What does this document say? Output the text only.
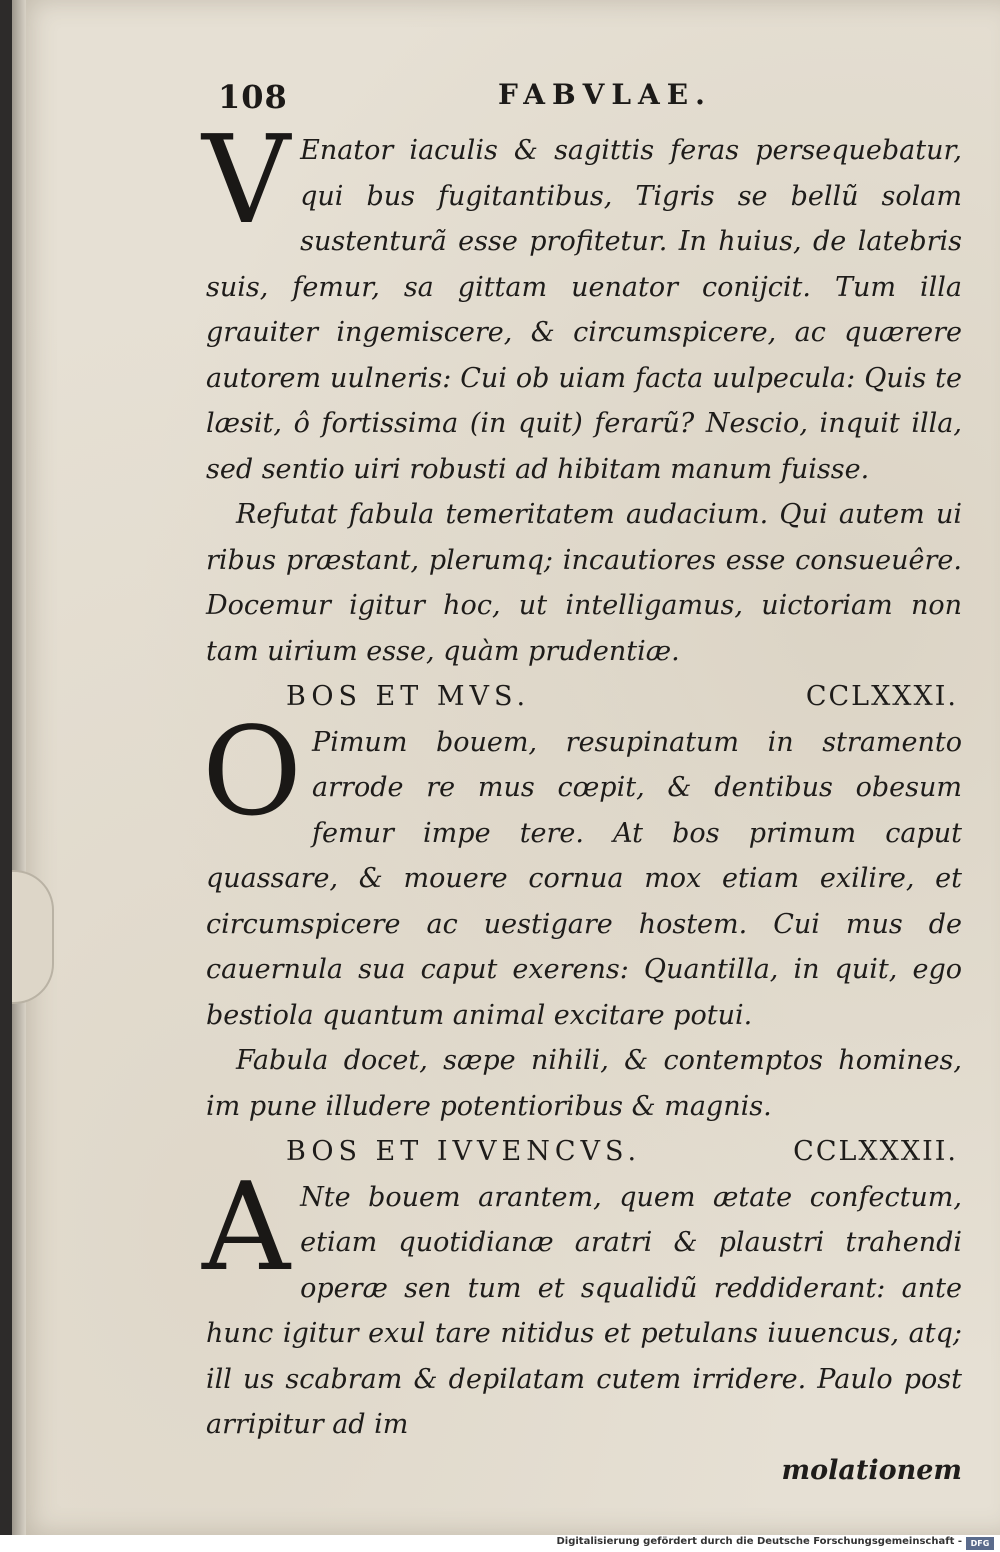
108	FABVLAE.

V Enator iaculis & sagittis feras persequebatur, qui bus fugitantibus, Tigris se bellũ solam sustenturã esse profitetur. In huius, de latebris suis, femur, sa gittam uenator conijcit. Tum illa grauiter ingemiscere, & circumspicere, ac quærere autorem uulneris: Cui ob uiam facta uulpecula: Quis te læsit, ô fortissima (in quit) ferarũ? Nescio, inquit illa, sed sentio uiri robusti ad hibitam manum fuisse.

Refutat fabula temeritatem audacium. Qui autem ui ribus præstant, plerumq; incautiores esse consueuêre. Docemur igitur hoc, ut intelligamus, uictoriam non tam uirium esse, quàm prudentiæ.

BOS ET MVS.	CCLXXXI.

O Pimum bouem, resupinatum in stramento arrode re mus cœpit, & dentibus obesum femur impe tere. At bos primum caput quassare, & mouere cornua mox etiam exilire, et circumspicere ac uestigare hostem. Cui mus de cauernula sua caput exerens: Quantilla, in quit, ego bestiola quantum animal excitare potui.

Fabula docet, sæpe nihili, & contemptos homines, im pune illudere potentioribus & magnis.

BOS ET IVVENCVS.	CCLXXXII.

A Nte bouem arantem, quem ætate confectum, etiam quotidianæ aratri & plaustri trahendi operæ sen tum et squalidũ reddiderant: ante hunc igitur exul tare nitidus et petulans iuuencus, atq; ill us scabram & depilatam cutem irridere. Paulo post arripitur ad im

molationem

Digitalisierung gefördert durch die Deutsche Forschungsgemeinschaft -	DFG
